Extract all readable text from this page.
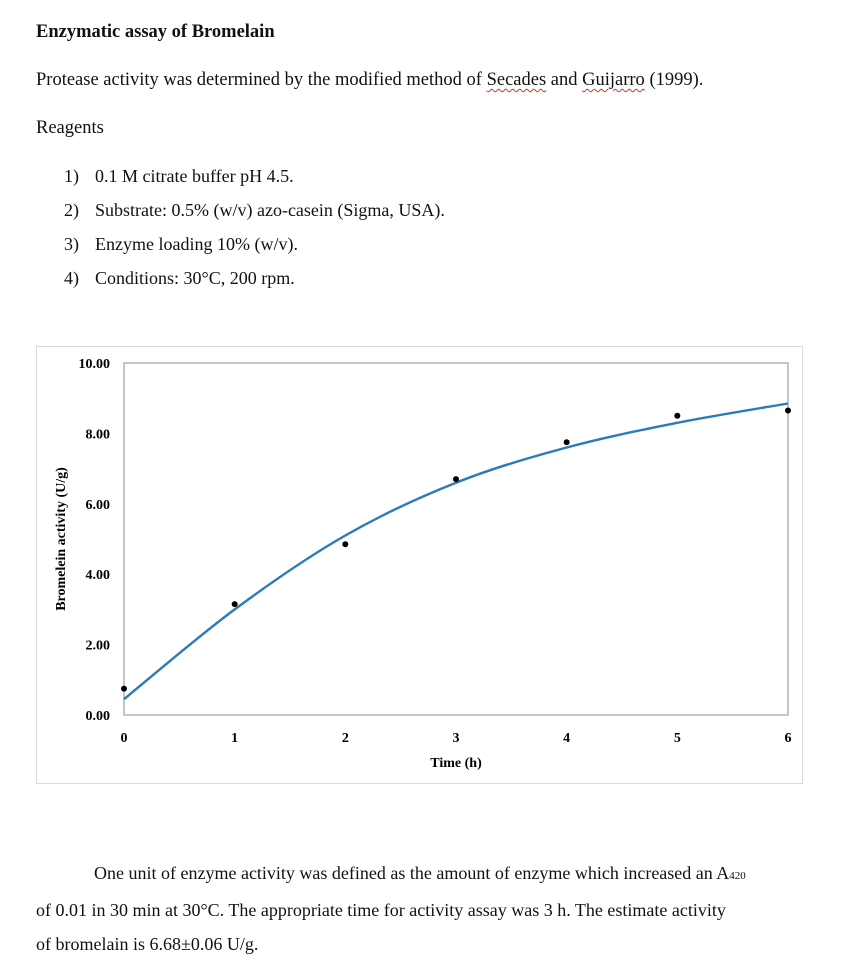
Enzymatic assay of Bromelain
Protease activity was determined by the modified method of Secades and Guijarro (1999).
Reagents
1) 0.1 M citrate buffer pH 4.5.
2) Substrate: 0.5% (w/v) azo-casein (Sigma, USA).
3) Enzyme loading 10% (w/v).
4) Conditions: 30°C, 200 rpm.
0.00
2.00
4.00
6.00
8.00
10.00
0	1	2	3	4	5	6
Time (h)
Bromelein activity (U/g)
One unit of enzyme activity was defined as the amount of enzyme which increased an A420
of 0.01 in 30 min at 30°C. The appropriate time for activity assay was 3 h. The estimate activity
of bromelain is 6.68±0.06 U/g.
